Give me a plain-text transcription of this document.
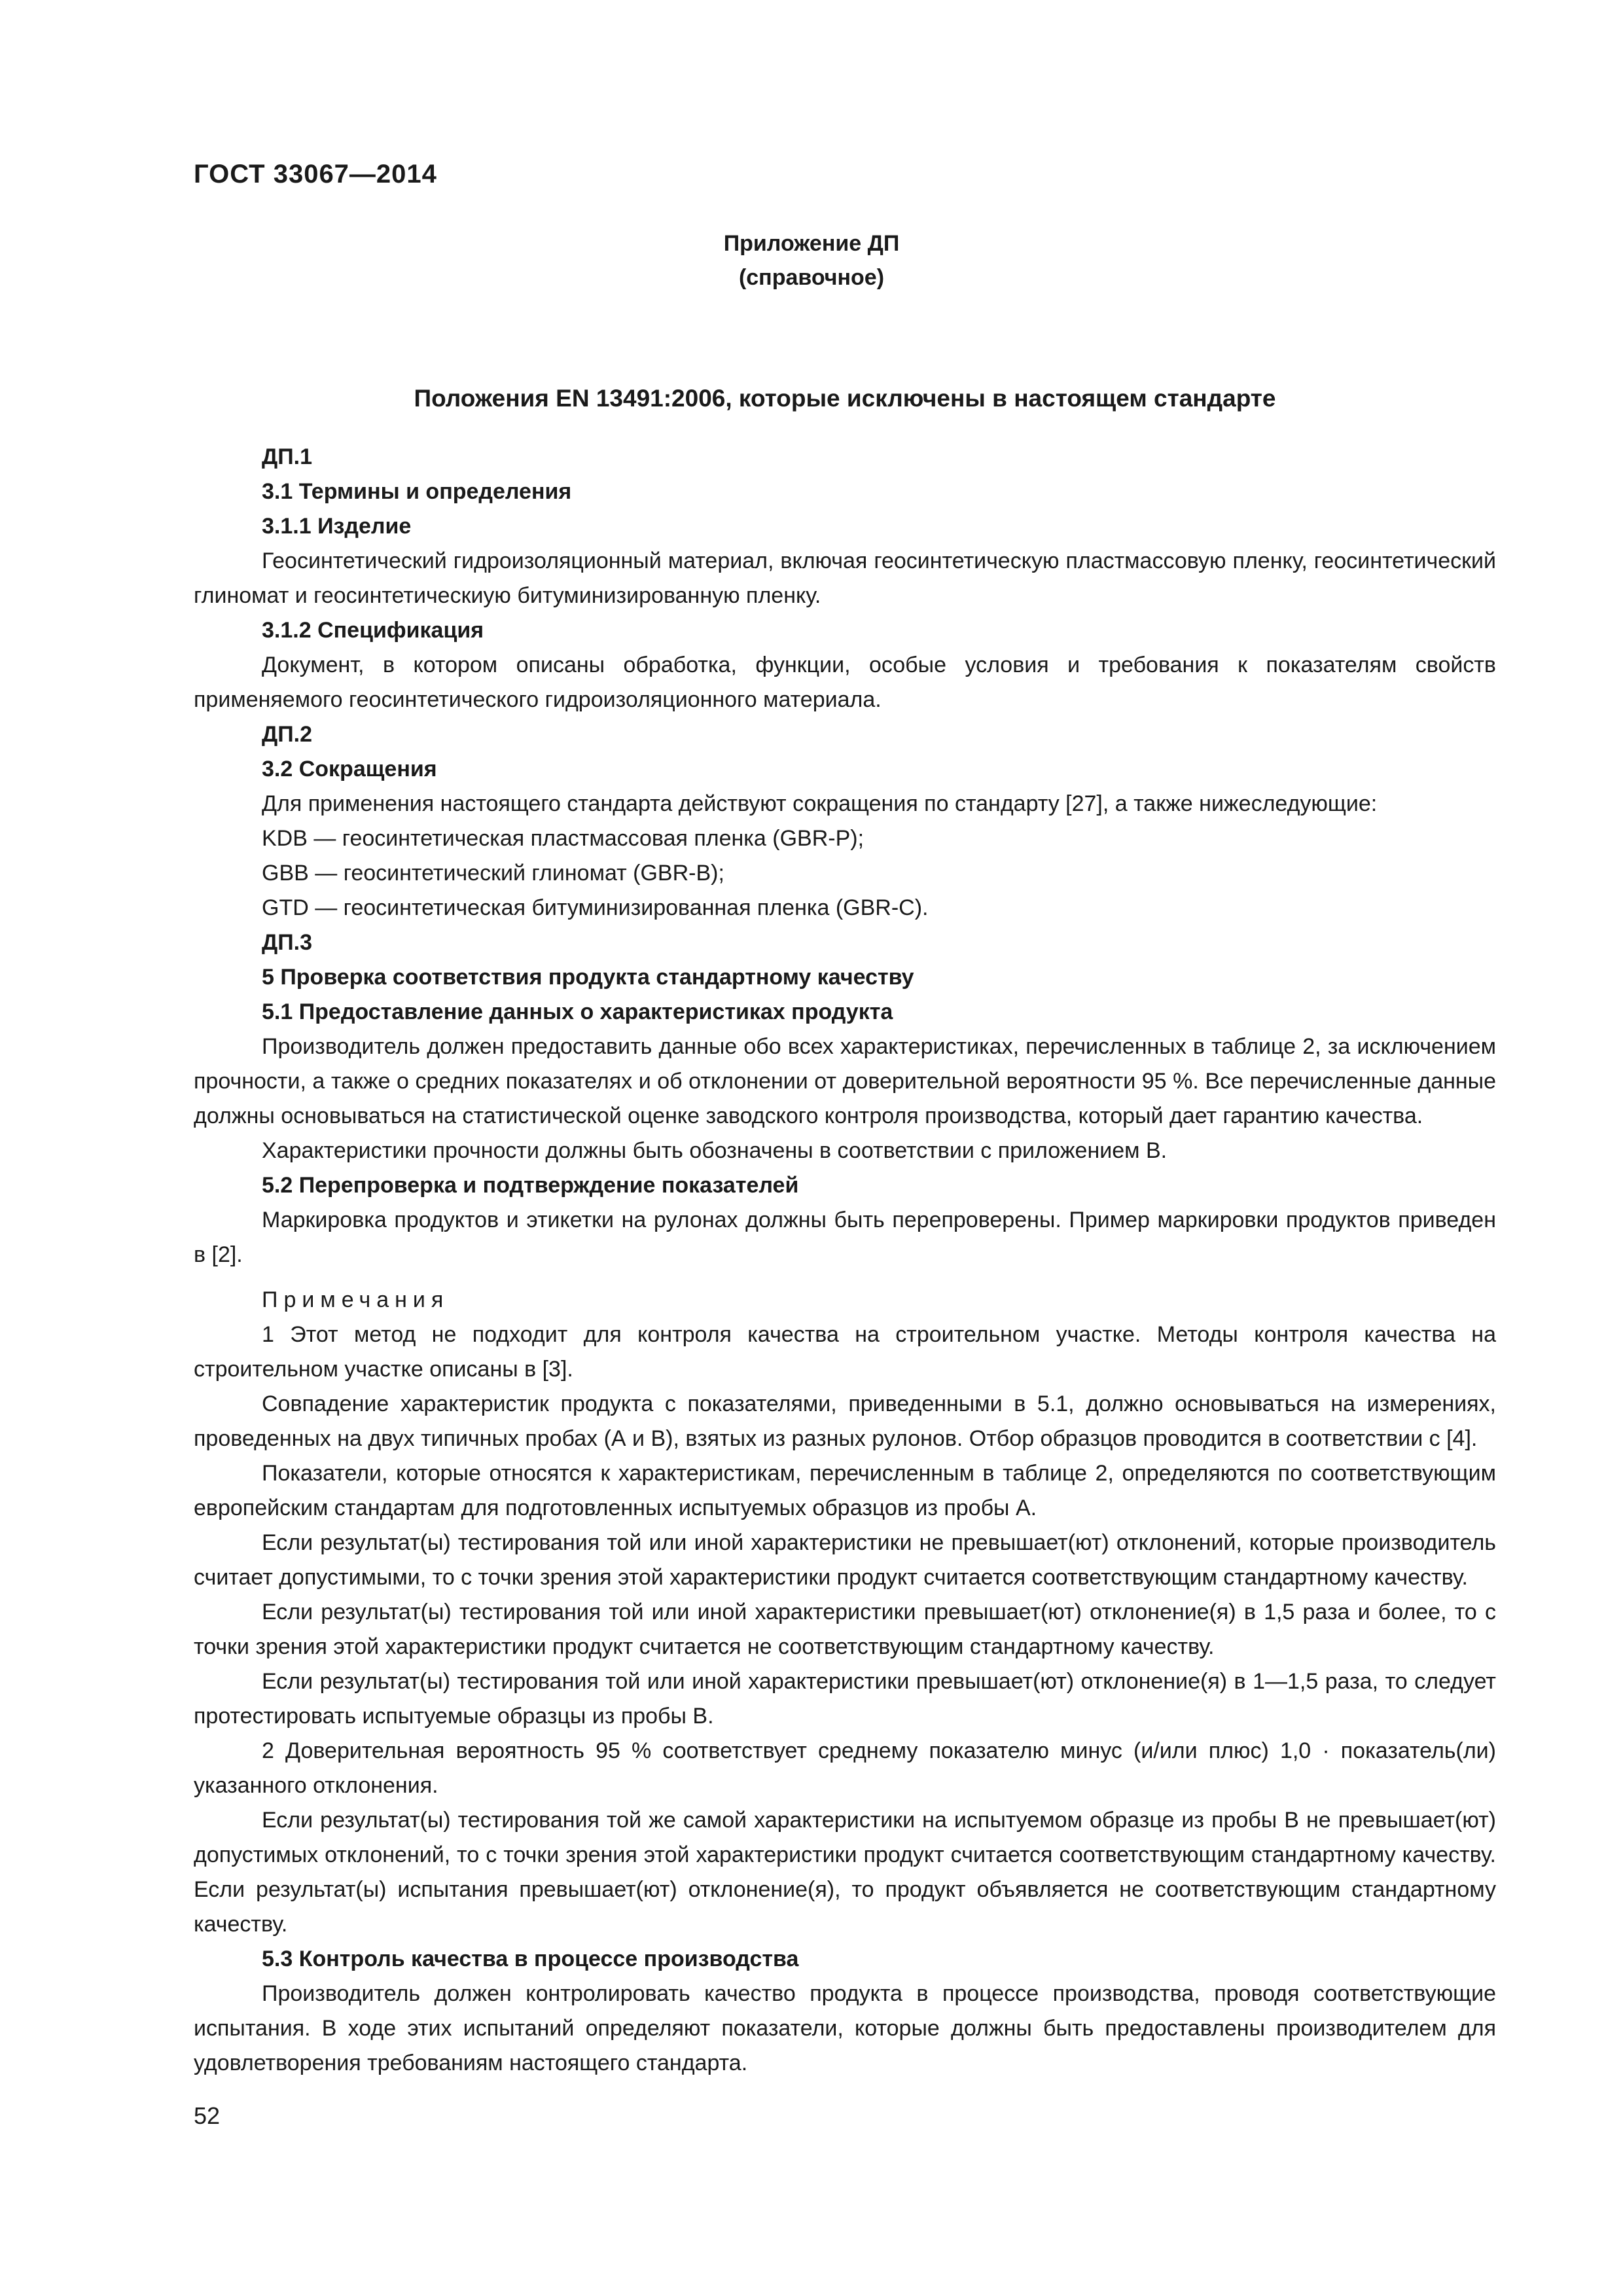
ГОСТ 33067—2014
Приложение ДП
(справочное)
Положения EN 13491:2006, которые исключены в настоящем стандарте
ДП.1
3.1 Термины и определения
3.1.1 Изделие

Геосинтетический гидроизоляционный материал, включая геосинтетическую пластмассовую пленку, геосинтетический глиномат и геосинтетическиую битуминизированную пленку.

3.1.2 Спецификация

Документ, в котором описаны обработка, функции, особые условия и требования к показателям свойств применяемого геосинтетического гидроизоляционного материала.

ДП.2
3.2 Сокращения

Для применения настоящего стандарта действуют сокращения по стандарту [27], а также нижеследующие:

KDB — геосинтетическая пластмассовая пленка (GBR-P);

GBB — геосинтетический глиномат (GBR-B);

GTD — геосинтетическая битуминизированная пленка (GBR-C).

ДП.3
5 Проверка соответствия продукта стандартному качеству
5.1 Предоставление данных о характеристиках продукта

Производитель должен предоставить данные обо всех характеристиках, перечисленных в таблице 2, за исключением прочности, а также о средних показателях и об отклонении от доверительной вероятности 95 %. Все перечисленные данные должны основываться на статистической оценке заводского контроля производства, который дает гарантию качества.

Характеристики прочности должны быть обозначены в соответствии с приложением В.

5.2 Перепроверка и подтверждение показателей

Маркировка продуктов и этикетки на рулонах должны быть перепроверены. Пример маркировки продуктов приведен в [2].

Примечания

1 Этот метод не подходит для контроля качества на строительном участке. Методы контроля качества на строительном участке описаны в [3].

Совпадение характеристик продукта с показателями, приведенными в 5.1, должно основываться на измерениях, проведенных на двух типичных пробах (А и В), взятых из разных рулонов. Отбор образцов проводится в соответствии с [4].

Показатели, которые относятся к характеристикам, перечисленным в таблице 2, определяются по соответствующим европейским стандартам для подготовленных испытуемых образцов из пробы А.

Если результат(ы) тестирования той или иной характеристики не превышает(ют) отклонений, которые производитель считает допустимыми, то с точки зрения этой характеристики продукт считается соответствующим стандартному качеству.

Если результат(ы) тестирования той или иной характеристики превышает(ют) отклонение(я) в 1,5 раза и более, то с точки зрения этой характеристики продукт считается не соответствующим стандартному качеству.

Если результат(ы) тестирования той или иной характеристики превышает(ют) отклонение(я) в 1—1,5 раза, то следует протестировать испытуемые образцы из пробы В.

2 Доверительная вероятность 95 % соответствует среднему показателю минус (и/или плюс) 1,0 · показатель(ли) указанного отклонения.

Если результат(ы) тестирования той же самой характеристики на испытуемом образце из пробы В не превышает(ют) допустимых отклонений, то с точки зрения этой характеристики продукт считается соответствующим стандартному качеству. Если результат(ы) испытания превышает(ют) отклонение(я), то продукт объявляется не соответствующим стандартному качеству.

5.3 Контроль качества в процессе производства

Производитель должен контролировать качество продукта в процессе производства, проводя соответствующие испытания. В ходе этих испытаний определяют показатели, которые должны быть предоставлены производителем для удовлетворения требованиям настоящего стандарта.

52
